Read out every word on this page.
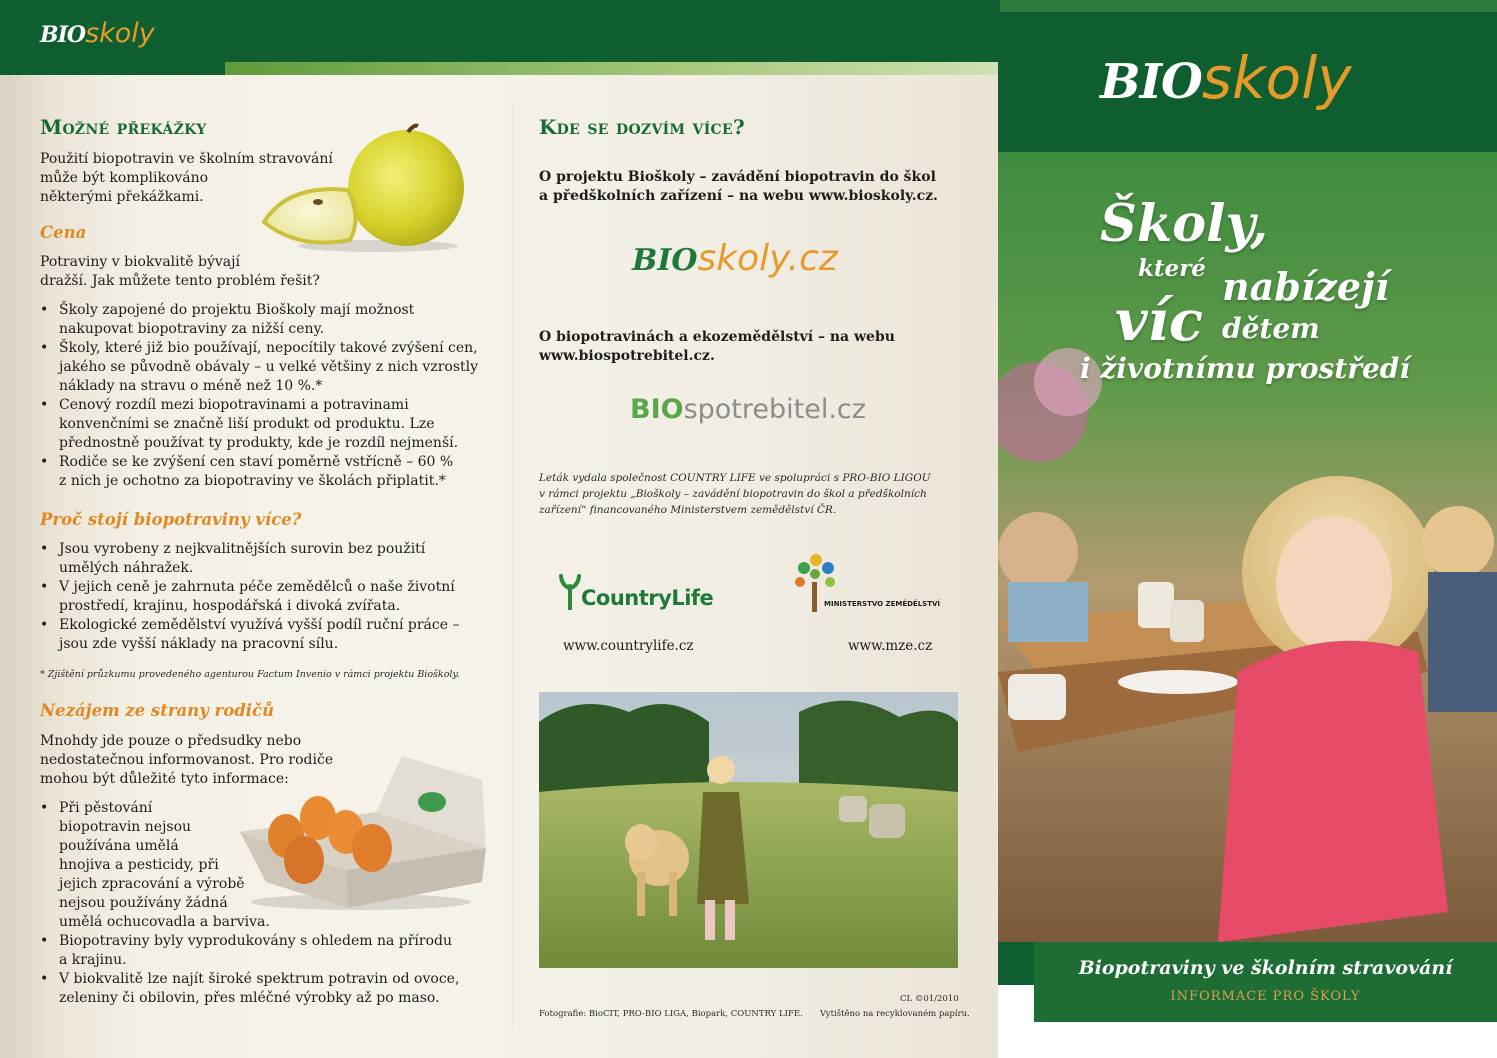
BIOskoly
Možné překážky
Použití biopotravin ve školním stravování
může být komplikováno
některými překážkami.
Cena
Potraviny v biokvalitě bývají
dražší. Jak můžete tento problém řešit?
• Školy zapojené do projektu Bioškoly mají možnost
nakupovat biopotraviny za nižší ceny.
• Školy, které již bio používají, nepocítily takové zvýšení cen,
jakého se původně obávaly – u velké většiny z nich vzrostly
náklady na stravu o méně než 10 %.*
• Cenový rozdíl mezi biopotravinami a potravinami
konvenčními se značně liší produkt od produktu. Lze
přednostně používat ty produkty, kde je rozdíl nejmenší.
• Rodiče se ke zvýšení cen staví poměrně vstřícně – 60 %
z nich je ochotno za biopotraviny ve školách připlatit.*
Proč stojí biopotraviny více?
• Jsou vyrobeny z nejkvalitnějších surovin bez použití
umělých náhražek.
• V jejich ceně je zahrnuta péče zemědělců o naše životní
prostředí, krajinu, hospodářská i divoká zvířata.
• Ekologické zemědělství využívá vyšší podíl ruční práce –
jsou zde vyšší náklady na pracovní sílu.
* Zjištění průzkumu provedeného agenturou Factum Invenio v rámci projektu Bioškoly.
Nezájem ze strany rodičů
Mnohdy jde pouze o předsudky nebo
nedostatečnou informovanost. Pro rodiče
mohou být důležité tyto informace:
• Při pěstování
biopotravin nejsou
používána umělá
hnojiva a pesticidy, při
jejich zpracování a výrobě
nejsou používány žádná
umělá ochucovadla a barviva.
• Biopotraviny byly vyprodukovány s ohledem na přírodu
a krajinu.
• V biokvalitě lze najít široké spektrum potravin od ovoce,
zeleniny či obilovin, přes mléčné výrobky až po maso.
Kde se dozvím více?
O projektu Bioškoly – zavádění biopotravin do škol
a předškolních zařízení – na webu www.bioskoly.cz.
BIOskoly.cz
O biopotravinách a ekozemědělství – na webu
www.biospotrebitel.cz.
BIOspotrebitel.cz
Leták vydala společnost COUNTRY LIFE ve spolupráci s PRO-BIO LIGOU
v rámci projektu „Bioškoly – zavádění biopotravin do škol a předškolních
zařízení“ financovaného Ministerstvem zemědělství ČR.
CountryLife	MINISTERSTVO ZEMĚDĚLSTVÍ
www.countrylife.cz	www.mze.cz
Fotografie: BioCIT, PRO-BIO LIGA, Biopark, COUNTRY LIFE.
CL ©01/2010
Vytištěno na recyklovaném papíru.
BIOskoly
Školy,
které nabízejí
víc dětem
i životnímu prostředí
Biopotraviny ve školním stravování
INFORMACE PRO ŠKOLY
